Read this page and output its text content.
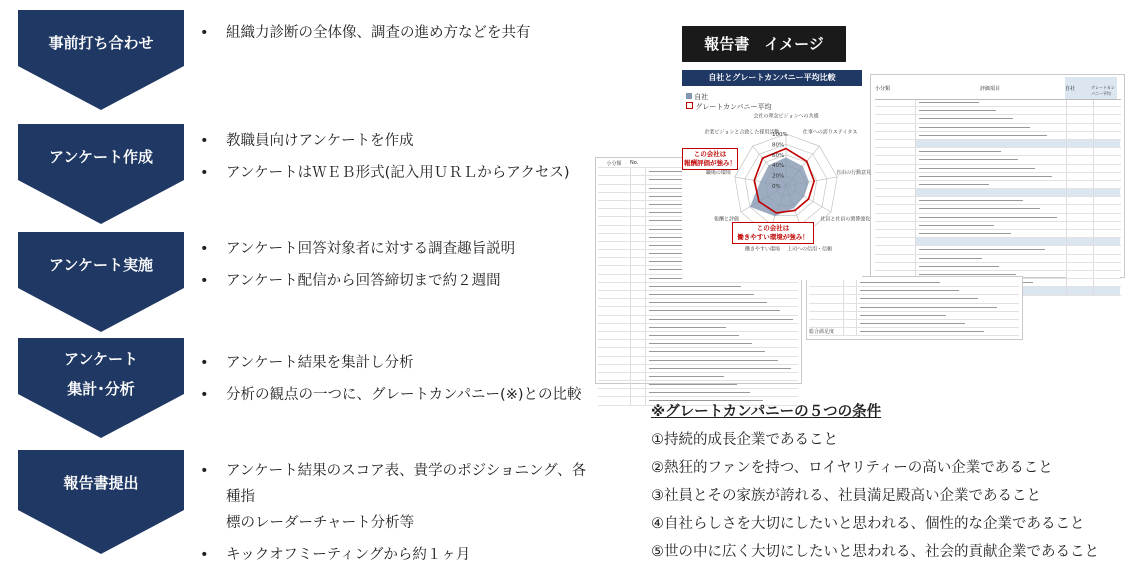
事前打ち合わせ
• 組織力診断の全体像、調査の進め方などを共有
アンケート作成
• 教職員向けアンケートを作成
• アンケートはＷＥＢ形式(記入用ＵＲＬからアクセス)
アンケート実施
• アンケート回答対象者に対する調査趣旨説明
• アンケート配信から回答締切まで約２週間
アンケート
集計･分析
• アンケート結果を集計し分析
• 分析の観点の一つに、グレートカンパニー(※)との比較
報告書提出
• アンケート結果のスコア表、貴学のポジショニング、各種指
標のレーダーチャート分析等
• キックオフミーティングから約１ヶ月
報告書　イメージ
小分類	No.
小分類	評価項目	自社	グレートカンパニー平均
総合満足度
自社とグレートカンパニー平均比較
自社
グレートカンパニー平均
100%
80%
60%
40%
20%
0%
会社の理念ビジョンへの共感
仕事への誇りステイタス
自由の行動意見
社員と社員の関係強化
上司への信用・信頼
働きやすい環境
報酬と評価
職場の環境
企業ビジョンと合致した採用活動
この会社は
報酬評価が強み！
この会社は
働きやすい環境が強み！
※グレートカンパニーの５つの条件
①持続的成長企業であること
②熱狂的ファンを持つ、ロイヤリティーの高い企業であること
③社員とその家族が誇れる、社員満足殿高い企業であること
④自社らしさを大切にしたいと思われる、個性的な企業であること
⑤世の中に広く大切にしたいと思われる、社会的貢献企業であること
